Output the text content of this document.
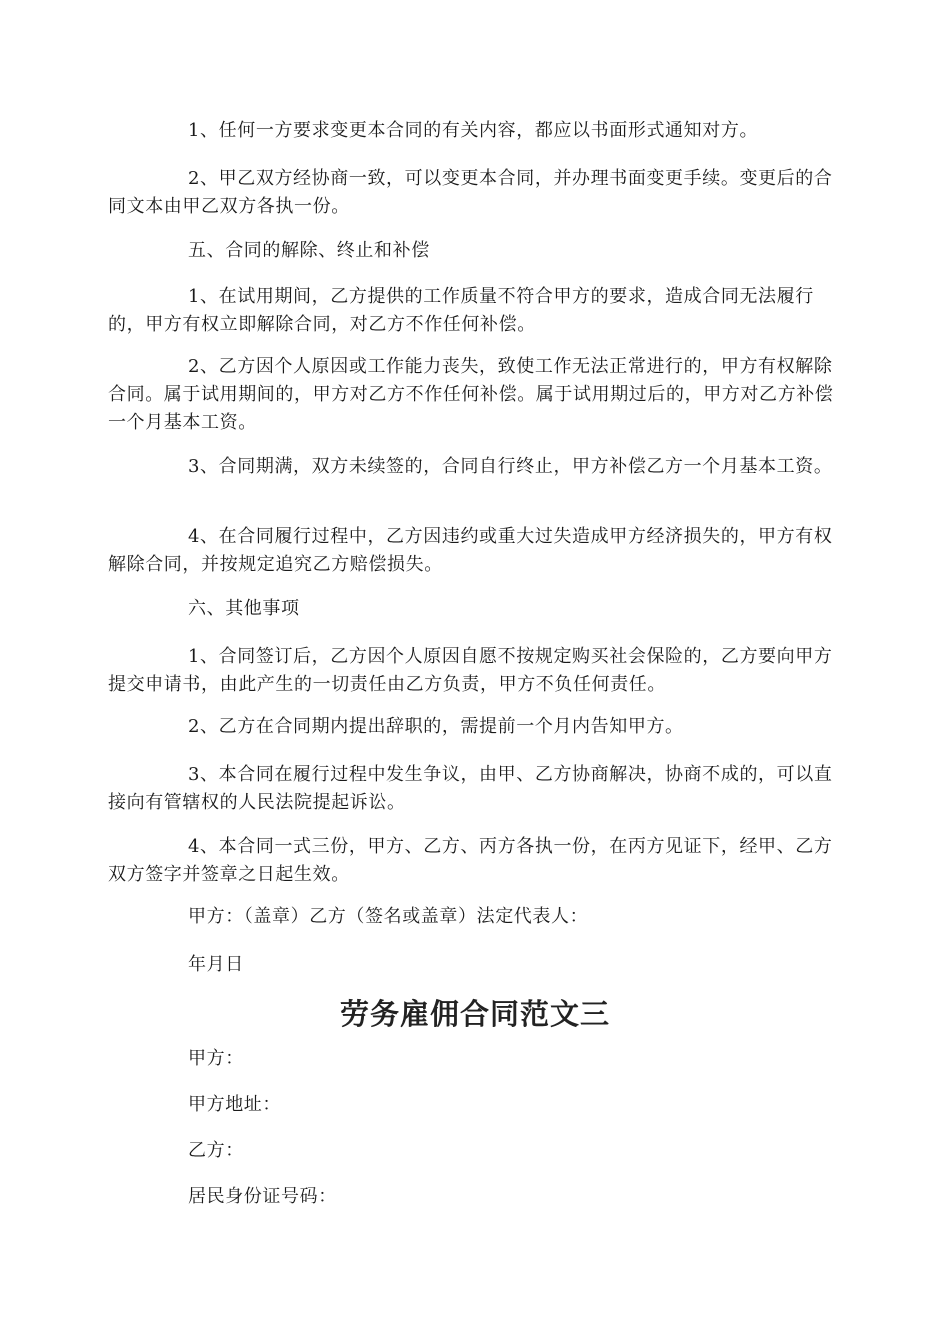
1、任何一方要求变更本合同的有关内容，都应以书面形式通知对方。

2、甲乙双方经协商一致，可以变更本合同，并办理书面变更手续。变更后的合同文本由甲乙双方各执一份。

五、合同的解除、终止和补偿

1、在试用期间，乙方提供的工作质量不符合甲方的要求，造成合同无法履行的，甲方有权立即解除合同，对乙方不作任何补偿。

2、乙方因个人原因或工作能力丧失，致使工作无法正常进行的，甲方有权解除合同。属于试用期间的，甲方对乙方不作任何补偿。属于试用期过后的，甲方对乙方补偿一个月基本工资。

3、合同期满，双方未续签的，合同自行终止，甲方补偿乙方一个月基本工资。

4、在合同履行过程中，乙方因违约或重大过失造成甲方经济损失的，甲方有权解除合同，并按规定追究乙方赔偿损失。

六、其他事项

1、合同签订后，乙方因个人原因自愿不按规定购买社会保险的，乙方要向甲方提交申请书，由此产生的一切责任由乙方负责，甲方不负任何责任。

2、乙方在合同期内提出辞职的，需提前一个月内告知甲方。

3、本合同在履行过程中发生争议，由甲、乙方协商解决，协商不成的，可以直接向有管辖权的人民法院提起诉讼。

4、本合同一式三份，甲方、乙方、丙方各执一份，在丙方见证下，经甲、乙方双方签字并签章之日起生效。

甲方：（盖章）乙方（签名或盖章）法定代表人：

年月日

劳务雇佣合同范文三

甲方：

甲方地址：

乙方：

居民身份证号码：
